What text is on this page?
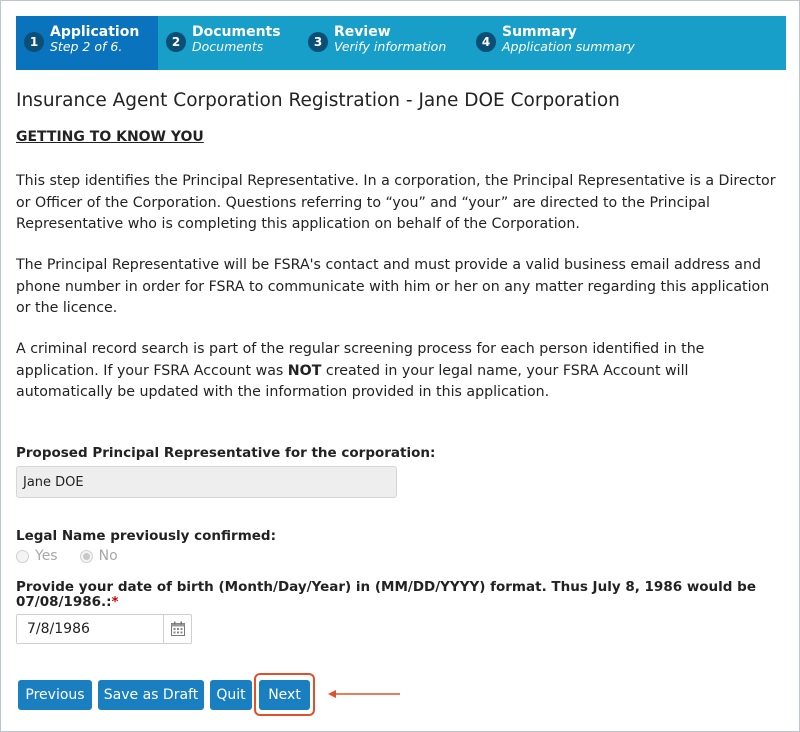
1
Application
Step 2 of 6.	2
Documents
Documents	3
Review
Verify information	4
Summary
Application summary
Insurance Agent Corporation Registration - Jane DOE Corporation
GETTING TO KNOW YOU

This step identifies the Principal Representative. In a corporation, the Principal Representative is a Director or Officer of the Corporation. Questions referring to “you” and “your” are directed to the Principal Representative who is completing this application on behalf of the Corporation.

The Principal Representative will be FSRA's contact and must provide a valid business email address and phone number in order for FSRA to communicate with him or her on any matter regarding this application or the licence.

A criminal record search is part of the regular screening process for each person identified in the application. If your FSRA Account was NOT created in your legal name, your FSRA Account will automatically be updated with the information provided in this application.

Proposed Principal Representative for the corporation:
Jane DOE
Legal Name previously confirmed:
Yes	No
Provide your date of birth (Month/Day/Year) in (MM/DD/YYYY) format. Thus July 8, 1986 would be 07/08/1986.:*
7/8/1986
Previous	Save as Draft	Quit	Next
